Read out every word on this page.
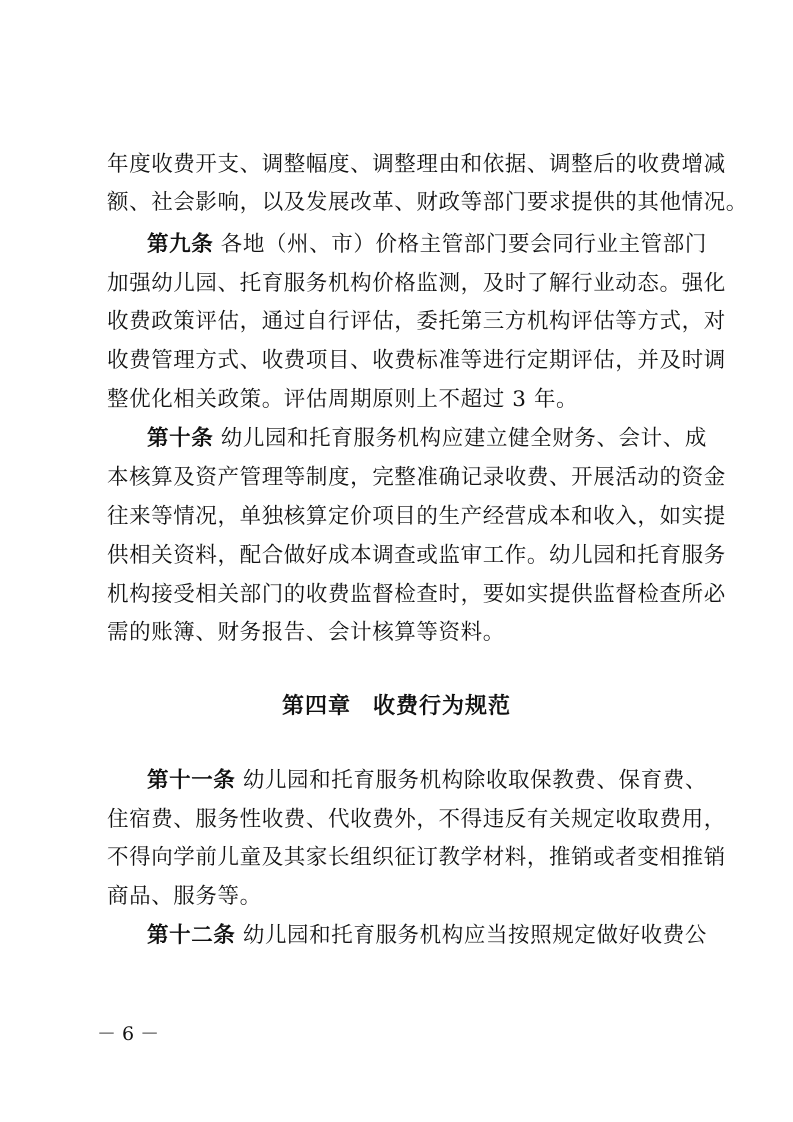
年度收费开支、调整幅度、调整理由和依据、调整后的收费增减
额、社会影响，以及发展改革、财政等部门要求提供的其他情况。
第九条 各地（州、市）价格主管部门要会同行业主管部门
加强幼儿园、托育服务机构价格监测，及时了解行业动态。强化
收费政策评估，通过自行评估，委托第三方机构评估等方式，对
收费管理方式、收费项目、收费标准等进行定期评估，并及时调
整优化相关政策。评估周期原则上不超过 3 年。
第十条 幼儿园和托育服务机构应建立健全财务、会计、成
本核算及资产管理等制度，完整准确记录收费、开展活动的资金
往来等情况，单独核算定价项目的生产经营成本和收入，如实提
供相关资料，配合做好成本调查或监审工作。幼儿园和托育服务
机构接受相关部门的收费监督检查时，要如实提供监督检查所必
需的账簿、财务报告、会计核算等资料。
第四章 收费行为规范
第十一条 幼儿园和托育服务机构除收取保教费、保育费、
住宿费、服务性收费、代收费外，不得违反有关规定收取费用，
不得向学前儿童及其家长组织征订教学材料，推销或者变相推销
商品、服务等。
第十二条 幼儿园和托育服务机构应当按照规定做好收费公
－ 6 －
